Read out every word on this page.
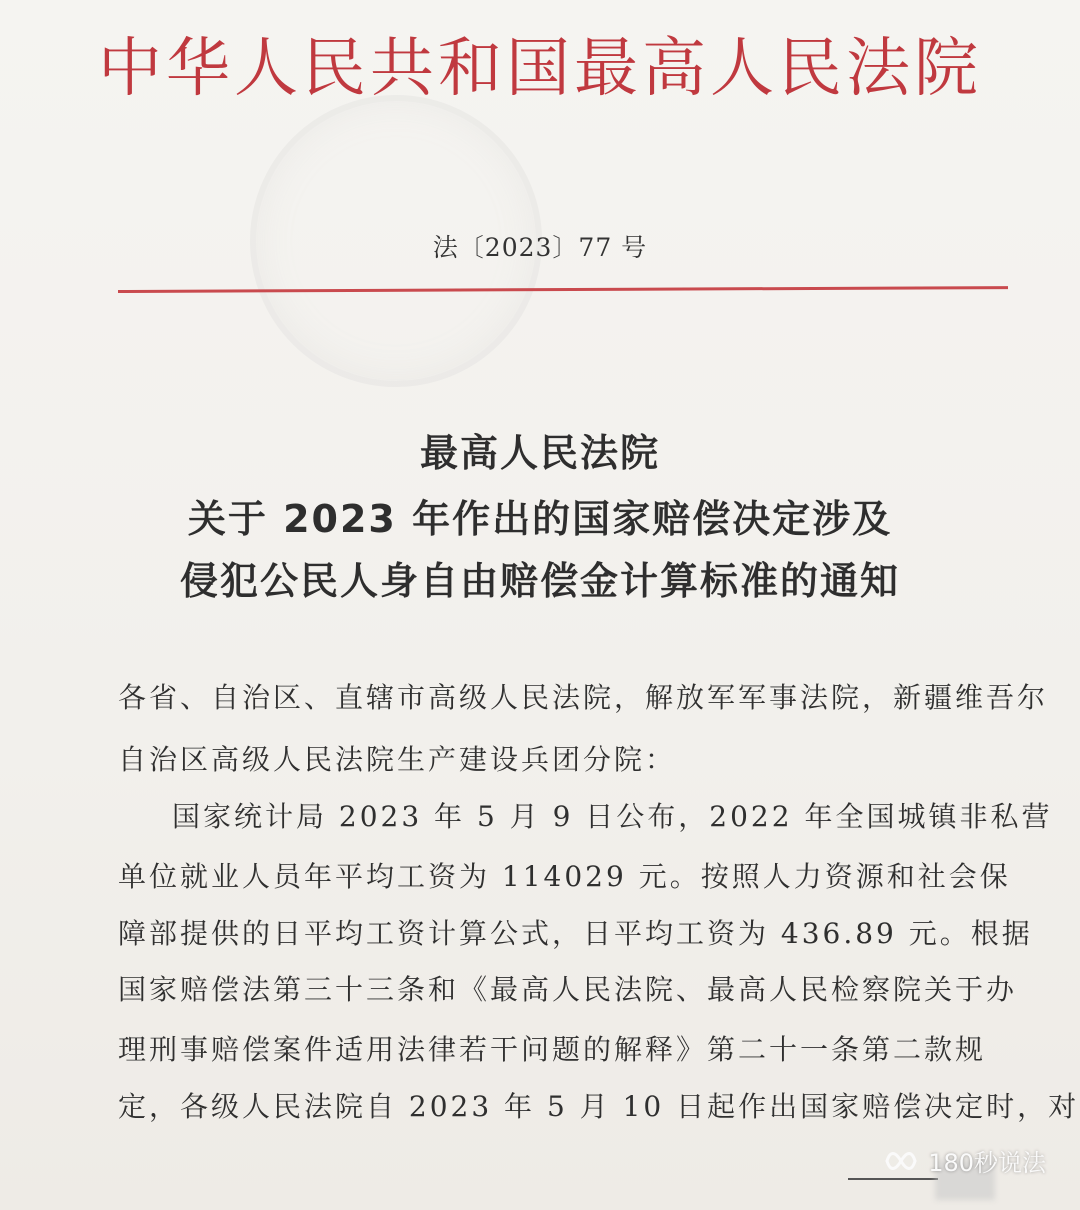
中华人民共和国最高人民法院
法〔2023〕77 号
最高人民法院
关于 2023 年作出的国家赔偿决定涉及
侵犯公民人身自由赔偿金计算标准的通知
各省、自治区、直辖市高级人民法院，解放军军事法院，新疆维吾尔
自治区高级人民法院生产建设兵团分院：
国家统计局 2023 年 5 月 9 日公布，2022 年全国城镇非私营
单位就业人员年平均工资为 114029 元。按照人力资源和社会保
障部提供的日平均工资计算公式，日平均工资为 436.89 元。根据
国家赔偿法第三十三条和《最高人民法院、最高人民检察院关于办
理刑事赔偿案件适用法律若干问题的解释》第二十一条第二款规
定，各级人民法院自 2023 年 5 月 10 日起作出国家赔偿决定时，对
180秒说法
